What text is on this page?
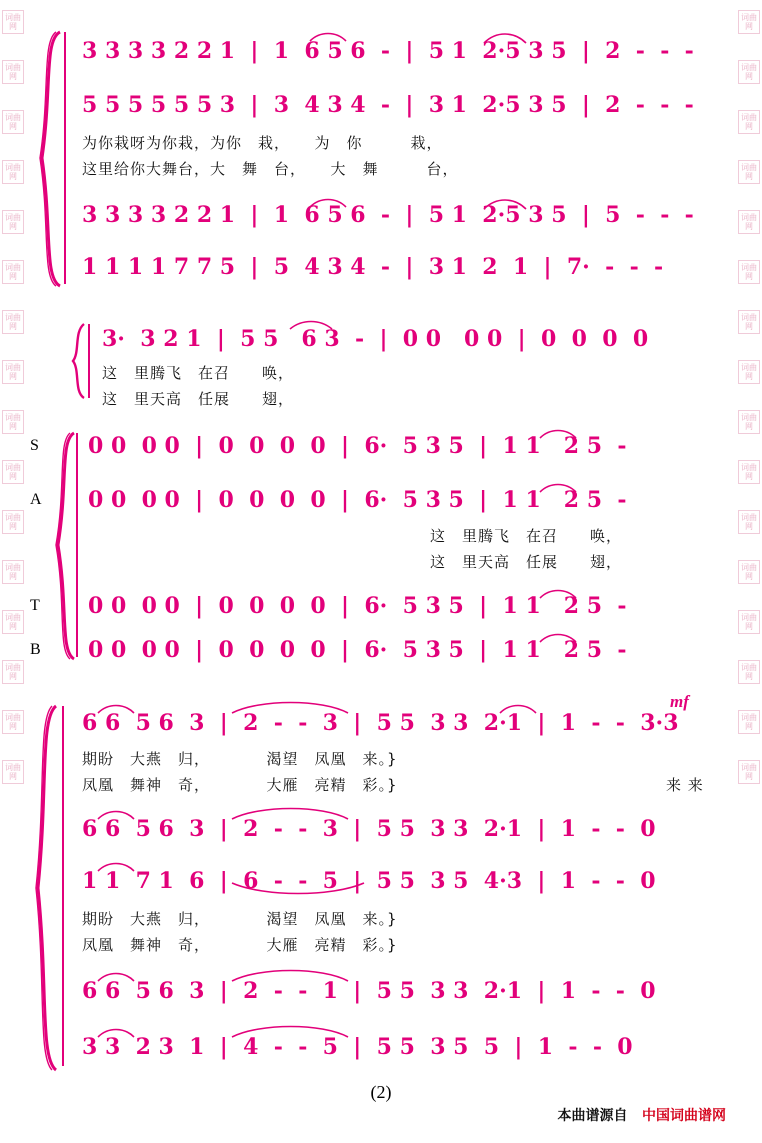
词曲网
词曲网
词曲网
词曲网
词曲网
词曲网
词曲网
词曲网
词曲网
词曲网
词曲网
词曲网
词曲网
词曲网
词曲网
词曲网
词曲网
词曲网
词曲网
词曲网
词曲网
词曲网
词曲网
词曲网
词曲网
词曲网
词曲网
词曲网
词曲网
词曲网
词曲网
词曲网
3 3 3 3 2 2 1  |  1  6 5 6  -  |  5 1  2·5 3 5  |  2  -  -  -
5 5 5 5 5 5 3  |  3  4 3 4  -  |  3 1  2·5 3 5  |  2  -  -  -
为你栽呀为你栽，为你　栽，　　为　你　　　栽，
这里给你大舞台，大　舞　台，　　大　舞　　　台，
3 3 3 3 2 2 1  |  1  6 5 6  -  |  5 1  2·5 3 5  |  5  -  -  -
1 1 1 1 7 7 5  |  5  4 3 4  -  |  3 1  2  1  |  7·  -  -  -
3·  3 2 1  |  5 5   6 3  -  |  0 0   0 0  |  0  0  0  0
这　里腾飞　在召　　唤，
这　里天高　任展　　翅，
S
A
T
B
0 0  0 0  |  0  0  0  0  |  6·  5 3 5  |  1 1   2 5  -
0 0  0 0  |  0  0  0  0  |  6·  5 3 5  |  1 1   2 5  -
这　里腾飞　在召　　唤，
这　里天高　任展　　翅，
0 0  0 0  |  0  0  0  0  |  6·  5 3 5  |  1 1   2 5  -
0 0  0 0  |  0  0  0  0  |  6·  5 3 5  |  1 1   2 5  -
mf
6 6  5 6  3  |  2  -  -  3  |  5 5  3 3  2·1  |  1  -  -  3·3
期盼　大燕　归，　　　　渴望　凤凰　来。}
凤凰　舞神　奇，　　　　大雁　亮精　彩。}	来 来
6 6  5 6  3  |  2  -  -  3  |  5 5  3 3  2·1  |  1  -  -  0
1 1  7 1  6  |  6  -  -  5  |  5 5  3 5  4·3  |  1  -  -  0
期盼　大燕　归，　　　　渴望　凤凰　来。}
凤凰　舞神　奇，　　　　大雁　亮精　彩。}
6 6  5 6  3  |  2  -  -  1  |  5 5  3 3  2·1  |  1  -  -  0
3 3  2 3  1  |  4  -  -  5  |  5 5  3 5  5  |  1  -  -  0
(2)
本曲谱源自 中国词曲谱网
